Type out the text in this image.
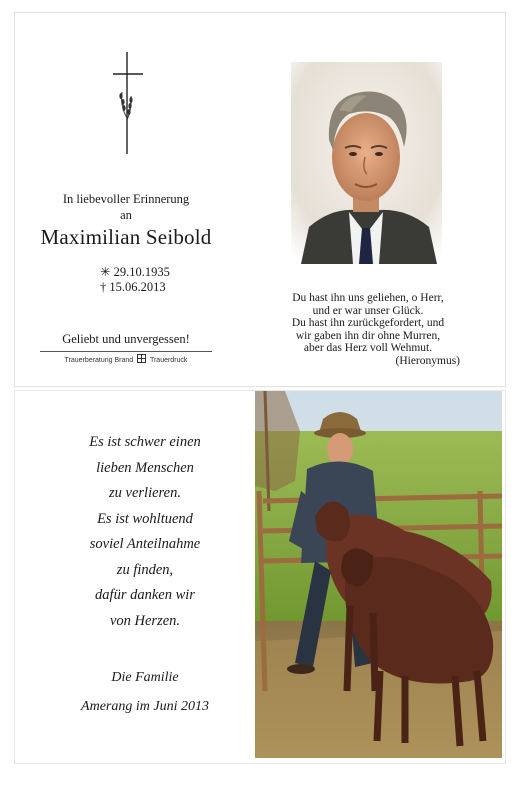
In liebevoller Erinnerung
an
Maximilian Seibold
✳ 29.10.1935
† 15.06.2013
Geliebt und unvergessen!
Trauerberatung Brand Trauerdruck
Du hast ihn uns geliehen, o Herr,
und er war unser Glück.
Du hast ihn zurückgefordert, und
wir gaben ihn dir ohne Murren,
aber das Herz voll Wehmut.
(Hieronymus)
Es ist schwer einen
lieben Menschen
zu verlieren.
Es ist wohltuend
soviel Anteilnahme
zu finden,
dafür danken wir
von Herzen.
Die Familie
Amerang im Juni 2013
